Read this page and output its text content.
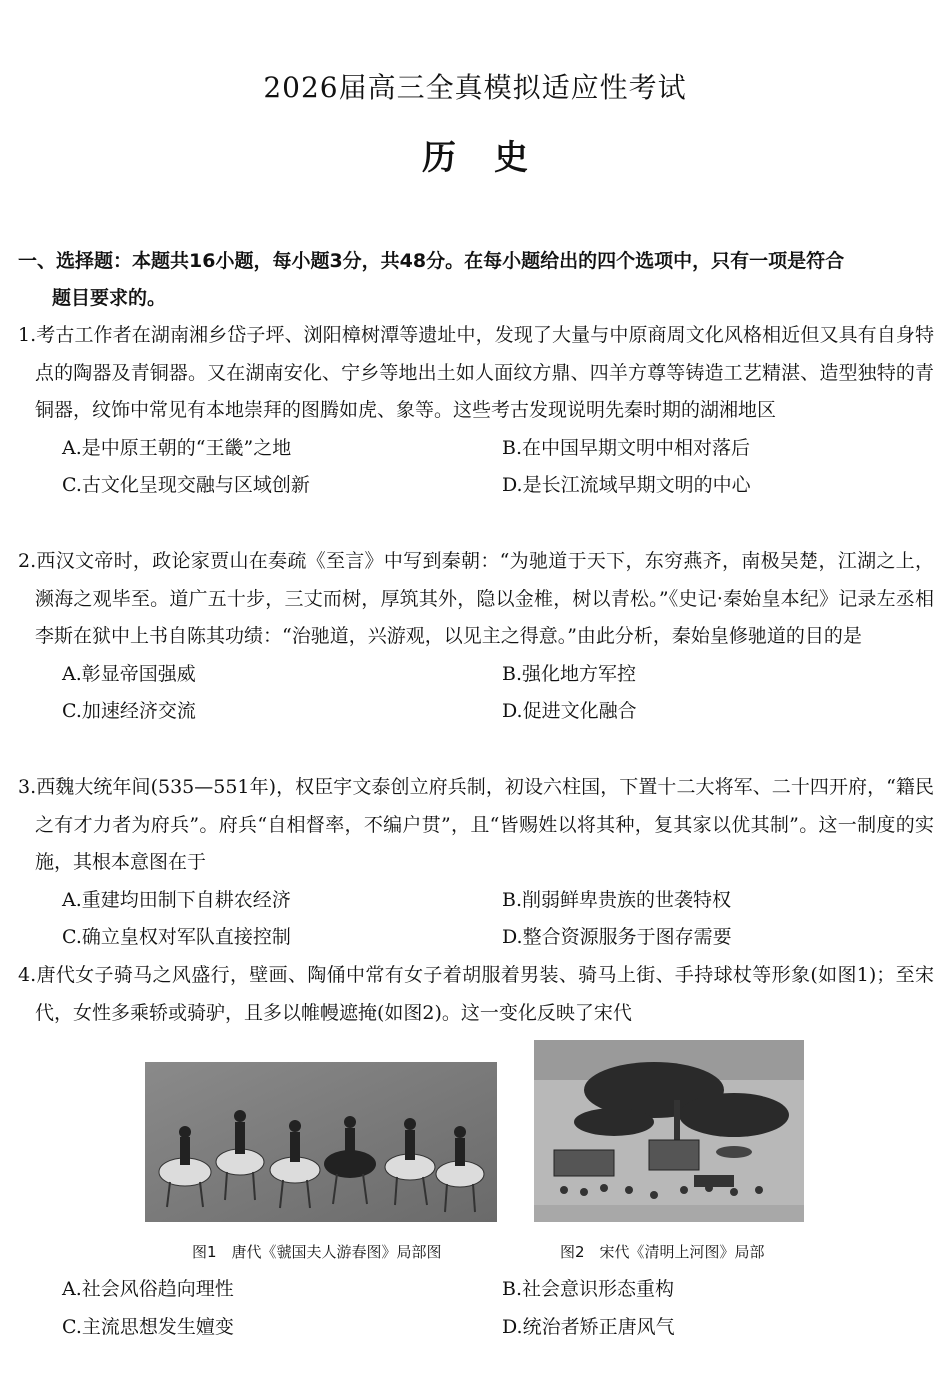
2026届高三全真模拟适应性考试
历史
一、选择题：本题共16小题，每小题3分，共48分。在每小题给出的四个选项中，只有一项是符合
题目要求的。

1.考古工作者在湖南湘乡岱子坪、浏阳樟树潭等遗址中，发现了大量与中原商周文化风格相近但又具有自身特点的陶器及青铜器。又在湖南安化、宁乡等地出土如人面纹方鼎、四羊方尊等铸造工艺精湛、造型独特的青铜器，纹饰中常见有本地崇拜的图腾如虎、象等。这些考古发现说明先秦时期的湖湘地区

A.是中原王朝的“王畿”之地	B.在中国早期文明中相对落后
C.古文化呈现交融与区域创新	D.是长江流域早期文明的中心

2.西汉文帝时，政论家贾山在奏疏《至言》中写到秦朝：“为驰道于天下，东穷燕齐，南极吴楚，江湖之上，濒海之观毕至。道广五十步，三丈而树，厚筑其外，隐以金椎，树以青松。”《史记·秦始皇本纪》记录左丞相李斯在狱中上书自陈其功绩：“治驰道，兴游观，以见主之得意。”由此分析，秦始皇修驰道的目的是

A.彰显帝国强威	B.强化地方军控
C.加速经济交流	D.促进文化融合

3.西魏大统年间(535—551年)，权臣宇文泰创立府兵制，初设六柱国，下置十二大将军、二十四开府，“籍民之有才力者为府兵”。府兵“自相督率，不编户贯”，且“皆赐姓以将其种，复其家以优其制”。这一制度的实施，其根本意图在于

A.重建均田制下自耕农经济	B.削弱鲜卑贵族的世袭特权
C.确立皇权对军队直接控制	D.整合资源服务于图存需要

4.唐代女子骑马之风盛行，壁画、陶俑中常有女子着胡服着男装、骑马上街、手持球杖等形象(如图1)；至宋代，女性多乘轿或骑驴，且多以帷幔遮掩(如图2)。这一变化反映了宋代

图1　唐代《虢国夫人游春图》局部图	图2　宋代《清明上河图》局部
A.社会风俗趋向理性	B.社会意识形态重构
C.主流思想发生嬗变	D.统治者矫正唐风气
